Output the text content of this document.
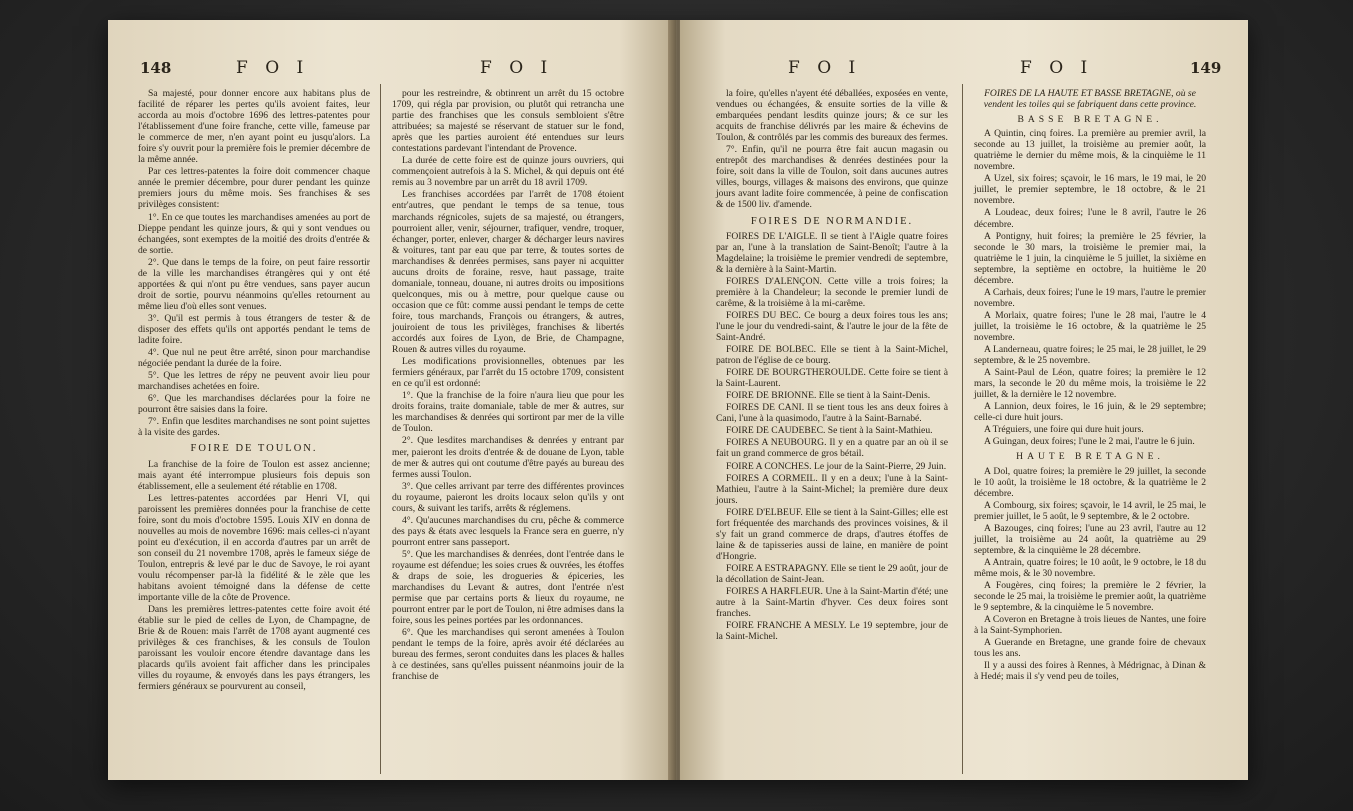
148	F O I	F O I

Sa majesté, pour donner encore aux habitans plus de facilité de réparer les pertes qu'ils avoient faites, leur accorda au mois d'octobre 1696 des lettres-patentes pour l'établissement d'une foire franche, cette ville, fameuse par le commerce de mer, n'en ayant point eu jusqu'alors. La foire s'y ouvrit pour la première fois le premier décembre de la même année.

Par ces lettres-patentes la foire doit commencer chaque année le premier décembre, pour durer pendant les quinze premiers jours du même mois. Ses franchises & ses privilèges consistent:

1°. En ce que toutes les marchandises amenées au port de Dieppe pendant les quinze jours, & qui y sont vendues ou échangées, sont exemptes de la moitié des droits d'entrée & de sortie.

2°. Que dans le temps de la foire, on peut faire ressortir de la ville les marchandises étrangères qui y ont été apportées & qui n'ont pu être vendues, sans payer aucun droit de sortie, pourvu néanmoins qu'elles retournent au même lieu d'où elles sont venues.

3°. Qu'il est permis à tous étrangers de tester & de disposer des effets qu'ils ont apportés pendant le tems de ladite foire.

4°. Que nul ne peut être arrêté, sinon pour marchandise négociée pendant la durée de la foire.

5°. Que les lettres de répy ne peuvent avoir lieu pour marchandises achetées en foire.

6°. Que les marchandises déclarées pour la foire ne pourront être saisies dans la foire.

7°. Enfin que lesdites marchandises ne sont point sujettes à la visite des gardes.

FOIRE DE TOULON.

La franchise de la foire de Toulon est assez ancienne; mais ayant été interrompue plusieurs fois depuis son établissement, elle a seulement été rétablie en 1708.

Les lettres-patentes accordées par Henri VI, qui paroissent les premières données pour la franchise de cette foire, sont du mois d'octobre 1595. Louis XIV en donna de nouvelles au mois de novembre 1696: mais celles-ci n'ayant point eu d'exécution, il en accorda d'autres par un arrêt de son conseil du 21 novembre 1708, après le fameux siége de Toulon, entrepris & levé par le duc de Savoye, le roi ayant voulu récompenser par-là la fidélité & le zèle que les habitans avoient témoigné dans la défense de cette importante ville de la côte de Provence.

Dans les premières lettres-patentes cette foire avoit été établie sur le pied de celles de Lyon, de Champagne, de Brie & de Rouen: mais l'arrêt de 1708 ayant augmenté ces privilèges & ces franchises, & les consuls de Toulon paroissant les vouloir encore étendre davantage dans les placards qu'ils avoient fait afficher dans les principales villes du royaume, & envoyés dans les pays étrangers, les fermiers généraux se pourvurent au conseil,

pour les restreindre, & obtinrent un arrêt du 15 octobre 1709, qui régla par provision, ou plutôt qui retrancha une partie des franchises que les consuls sembloient s'être attribuées; sa majesté se réservant de statuer sur le fond, après que les parties auroient été entendues sur leurs contestations pardevant l'intendant de Provence.

La durée de cette foire est de quinze jours ouvriers, qui commençoient autrefois à la S. Michel, & qui depuis ont été remis au 3 novembre par un arrêt du 18 avril 1709.

Les franchises accordées par l'arrêt de 1708 étoient entr'autres, que pendant le temps de sa tenue, tous marchands régnicoles, sujets de sa majesté, ou étrangers, pourroient aller, venir, séjourner, trafiquer, vendre, troquer, échanger, porter, enlever, charger & décharger leurs navires & voitures, tant par eau que par terre, & toutes sortes de marchandises & denrées permises, sans payer ni acquitter aucuns droits de foraine, resve, haut passage, traite domaniale, tonneau, douane, ni autres droits ou impositions quelconques, mis ou à mettre, pour quelque cause ou occasion que ce fût: comme aussi pendant le temps de cette foire, tous marchands, François ou étrangers, & autres, jouiroient de tous les privilèges, franchises & libertés accordés aux foires de Lyon, de Brie, de Champagne, Rouen & autres villes du royaume.

Les modifications provisionnelles, obtenues par les fermiers généraux, par l'arrêt du 15 octobre 1709, consistent en ce qu'il est ordonné:

1°. Que la franchise de la foire n'aura lieu que pour les droits forains, traite domaniale, table de mer & autres, sur les marchandises & denrées qui sortiront par mer de la ville de Toulon.

2°. Que lesdites marchandises & denrées y entrant par mer, paieront les droits d'entrée & de douane de Lyon, table de mer & autres qui ont coutume d'être payés au bureau des fermes aussi Toulon.

3°. Que celles arrivant par terre des différentes provinces du royaume, paieront les droits locaux selon qu'ils y ont cours, & suivant les tarifs, arrêts & réglemens.

4°. Qu'aucunes marchandises du cru, pêche & commerce des pays & états avec lesquels la France sera en guerre, n'y pourront entrer sans passeport.

5°. Que les marchandises & denrées, dont l'entrée dans le royaume est défendue; les soies crues & ouvrées, les étoffes & draps de soie, les drogueries & épiceries, les marchandises du Levant & autres, dont l'entrée n'est permise que par certains ports & lieux du royaume, ne pourront entrer par le port de Toulon, ni être admises dans la foire, sous les peines portées par les ordonnances.

6°. Que les marchandises qui seront amenées à Toulon pendant le temps de la foire, après avoir été déclarées au bureau des fermes, seront conduites dans les places & halles à ce destinées, sans qu'elles puissent néanmoins jouir de la franchise de

F O I	F O I	149

la foire, qu'elles n'ayent été déballées, exposées en vente, vendues ou échangées, & ensuite sorties de la ville & embarquées pendant lesdits quinze jours; & ce sur les acquits de franchise délivrés par les maire & échevins de Toulon, & contrôlés par les commis des bureaux des fermes.

7°. Enfin, qu'il ne pourra être fait aucun magasin ou entrepôt des marchandises & denrées destinées pour la foire, soit dans la ville de Toulon, soit dans aucunes autres villes, bourgs, villages & maisons des environs, que quinze jours avant ladite foire commencée, à peine de confiscation & de 1500 liv. d'amende.

FOIRES DE NORMANDIE.

FOIRES DE L'AIGLE. Il se tient à l'Aigle quatre foires par an, l'une à la translation de Saint-Benoît; l'autre à la Magdelaine; la troisième le premier vendredi de septembre, & la dernière à la Saint-Martin.

FOIRES D'ALENÇON. Cette ville a trois foires; la première à la Chandeleur; la seconde le premier lundi de carême, & la troisième à la mi-carême.

FOIRES DU BEC. Ce bourg a deux foires tous les ans; l'une le jour du vendredi-saint, & l'autre le jour de la fête de Saint-André.

FOIRE DE BOLBEC. Elle se tient à la Saint-Michel, patron de l'église de ce bourg.

FOIRE DE BOURGTHEROULDE. Cette foire se tient à la Saint-Laurent.

FOIRE DE BRIONNE. Elle se tient à la Saint-Denis.

FOIRES DE CANI. Il se tient tous les ans deux foires à Cani, l'une à la quasimodo, l'autre à la Saint-Barnabé.

FOIRE DE CAUDEBEC. Se tient à la Saint-Mathieu.

FOIRES A NEUBOURG. Il y en a quatre par an où il se fait un grand commerce de gros bétail.

FOIRE A CONCHES. Le jour de la Saint-Pierre, 29 Juin.

FOIRES A CORMEIL. Il y en a deux; l'une à la Saint-Mathieu, l'autre à la Saint-Michel; la première dure deux jours.

FOIRE D'ELBEUF. Elle se tient à la Saint-Gilles; elle est fort fréquentée des marchands des provinces voisines, & il s'y fait un grand commerce de draps, d'autres étoffes de laine & de tapisseries aussi de laine, en manière de point d'Hongrie.

FOIRE A ESTRAPAGNY. Elle se tient le 29 août, jour de la décollation de Saint-Jean.

FOIRES A HARFLEUR. Une à la Saint-Martin d'été; une autre à la Saint-Martin d'hyver. Ces deux foires sont franches.

FOIRE FRANCHE A MESLY. Le 19 septembre, jour de la Saint-Michel.

FOIRES DE LA HAUTE ET BASSE BRETAGNE, où se vendent les toiles qui se fabriquent dans cette province.

BASSE BRETAGNE.

A Quintin, cinq foires. La première au premier avril, la seconde au 13 juillet, la troisième au premier août, la quatrième le dernier du même mois, & la cinquième le 11 novembre.

A Uzel, six foires; sçavoir, le 16 mars, le 19 mai, le 20 juillet, le premier septembre, le 18 octobre, & le 21 novembre.

A Loudeac, deux foires; l'une le 8 avril, l'autre le 26 décembre.

A Pontigny, huit foires; la première le 25 février, la seconde le 30 mars, la troisième le premier mai, la quatrième le 1 juin, la cinquième le 5 juillet, la sixième en septembre, la septième en octobre, la huitième le 20 décembre.

A Carhais, deux foires; l'une le 19 mars, l'autre le premier novembre.

A Morlaix, quatre foires; l'une le 28 mai, l'autre le 4 juillet, la troisième le 16 octobre, & la quatrième le 25 novembre.

A Landerneau, quatre foires; le 25 mai, le 28 juillet, le 29 septembre, & le 25 novembre.

A Saint-Paul de Léon, quatre foires; la première le 12 mars, la seconde le 20 du même mois, la troisième le 22 juillet, & la dernière le 12 novembre.

A Lannion, deux foires, le 16 juin, & le 29 septembre; celle-ci dure huit jours.

A Tréguiers, une foire qui dure huit jours.

A Guingan, deux foires; l'une le 2 mai, l'autre le 6 juin.

HAUTE BRETAGNE.

A Dol, quatre foires; la première le 29 juillet, la seconde le 10 août, la troisième le 18 octobre, & la quatrième le 2 décembre.

A Combourg, six foires; sçavoir, le 14 avril, le 25 mai, le premier juillet, le 5 août, le 9 septembre, & le 2 octobre.

A Bazouges, cinq foires; l'une au 23 avril, l'autre au 12 juillet, la troisième au 24 août, la quatrième au 29 septembre, & la cinquième le 28 décembre.

A Antrain, quatre foires; le 10 août, le 9 octobre, le 18 du même mois, & le 30 novembre.

A Fougères, cinq foires; la première le 2 février, la seconde le 25 mai, la troisième le premier août, la quatrième le 9 septembre, & la cinquième le 5 novembre.

A Coveron en Bretagne à trois lieues de Nantes, une foire à la Saint-Symphorien.

A Guerande en Bretagne, une grande foire de chevaux tous les ans.

Il y a aussi des foires à Rennes, à Médrignac, à Dinan & à Hedé; mais il s'y vend peu de toiles,
